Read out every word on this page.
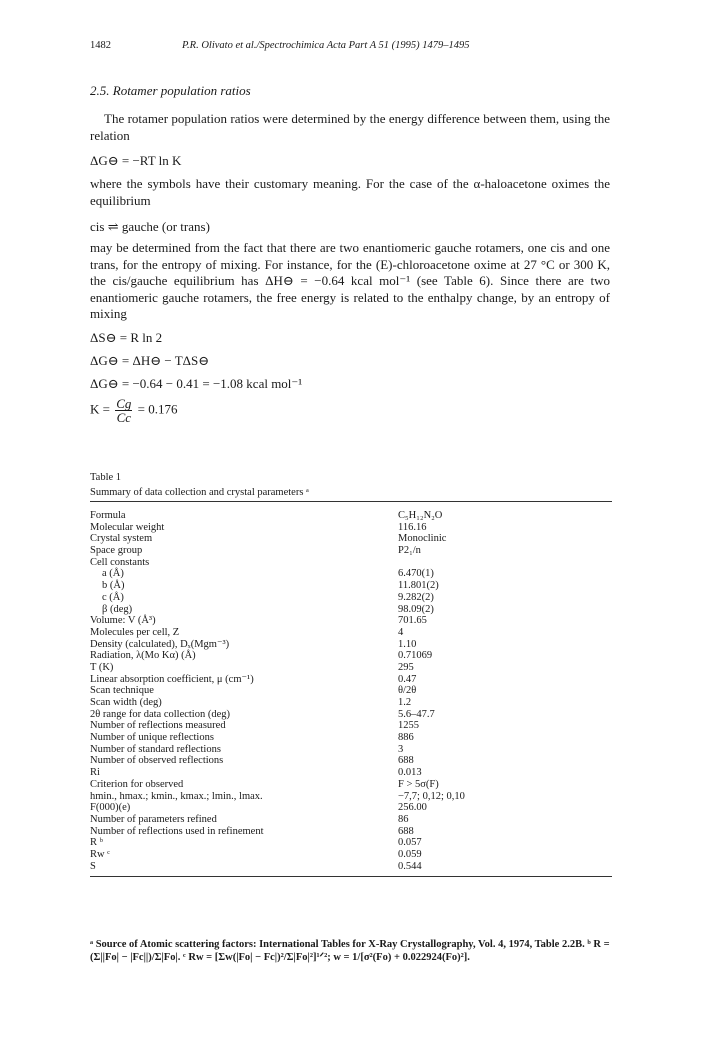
1482	P.R. Olivato et al./Spectrochimica Acta Part A 51 (1995) 1479–1495
2.5. Rotamer population ratios
The rotamer population ratios were determined by the energy difference between them, using the relation
ΔG⊖ = −RT ln K
where the symbols have their customary meaning. For the case of the α-haloacetone oximes the equilibrium
cis ⇌ gauche (or trans)
may be determined from the fact that there are two enantiomeric gauche rotamers, one cis and one trans, for the entropy of mixing. For instance, for the (E)-chloroacetone oxime at 27 °C or 300 K, the cis/gauche equilibrium has ΔH⊖ = −0.64 kcal mol⁻¹ (see Table 6). Since there are two enantiomeric gauche rotamers, the free energy is related to the enthalpy change, by an entropy of mixing
ΔS⊖ = R ln 2
ΔG⊖ = ΔH⊖ − TΔS⊖
ΔG⊖ = −0.64 − 0.41 = −1.08 kcal mol⁻¹
$K = \frac{Cg}{Cc} = 0.176$
Table 1
Summary of data collection and crystal parameters ᵃ
Formula	C₅H₁₂N₂O
Molecular weight	116.16
Crystal system	Monoclinic
Space group	P2₁/n
Cell constants
a (Å)	6.470(1)
b (Å)	11.801(2)
c (Å)	9.282(2)
β (deg)	98.09(2)
Volume: V (Å³)	701.65
Molecules per cell, Z	4
Density (calculated), Dₓ(Mgm⁻³)	1.10
Radiation, λ(Mo Kα) (Å)	0.71069
T (K)	295
Linear absorption coefficient, μ (cm⁻¹)	0.47
Scan technique	θ/2θ
Scan width (deg)	1.2
2θ range for data collection (deg)	5.6–47.7
Number of reflections measured	1255
Number of unique reflections	886
Number of standard reflections	3
Number of observed reflections	688
Ri	0.013
Criterion for observed	F > 5σ(F)
hmin., hmax.; kmin., kmax.; lmin., lmax.	−7,7; 0,12; 0,10
F(000)(e)	256.00
Number of parameters refined	86
Number of reflections used in refinement	688
R ᵇ	0.057
Rw ᶜ	0.059
S	0.544
ᵃ Source of Atomic scattering factors: International Tables for X-Ray Crystallography, Vol. 4, 1974, Table 2.2B. ᵇ R = (Σ||Fo| − |Fc||)/Σ|Fo|. ᶜ Rw = [Σw(|Fo| − Fc|)²/Σ|Fo|²]¹ᐟ²; w = 1/[σ²(Fo) + 0.022924(Fo)²].
